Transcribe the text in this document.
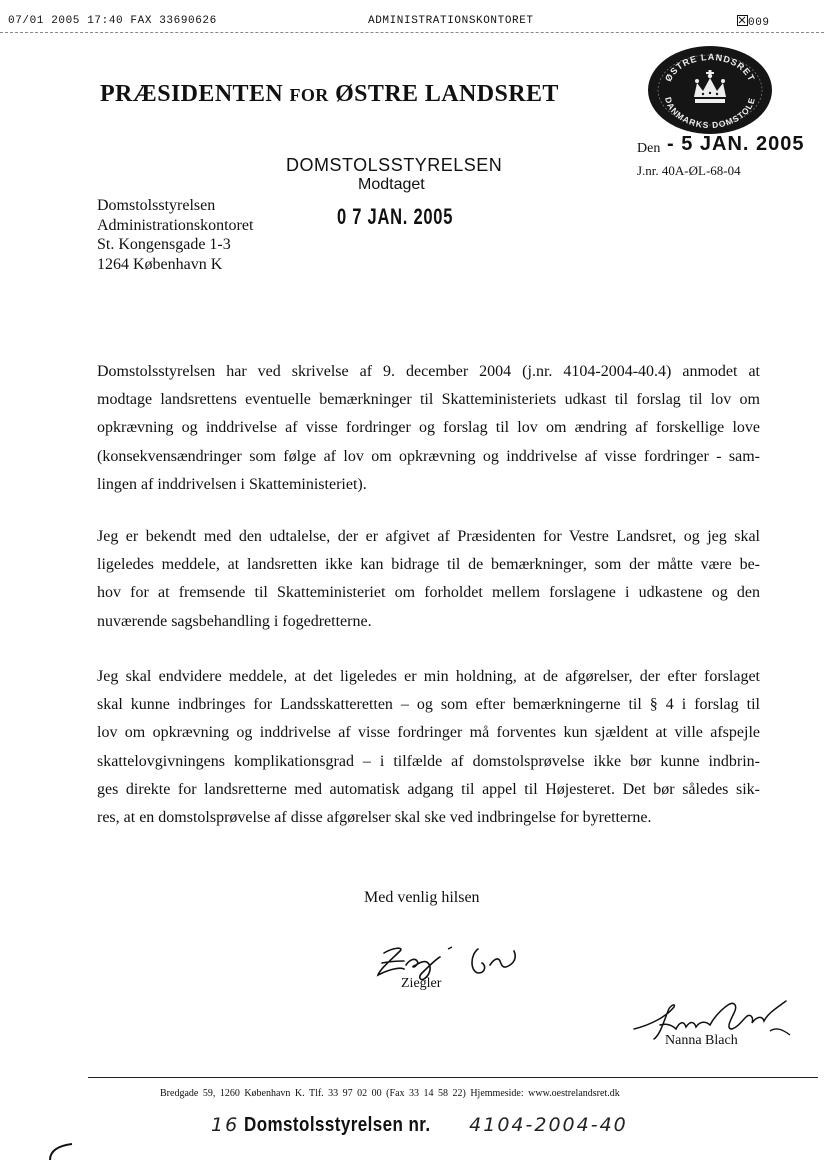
07/01 2005 17:40 FAX 33690626	ADMINISTRATIONSKONTORET	009
PRÆSIDENTEN FOR ØSTRE LANDSRET
ØSTRE LANDSRET
DANMARKS DOMSTOLE
DOMSTOLSSTYRELSEN
Modtaget
0 7 JAN. 2005
Den - 5 JAN. 2005
J.nr. 40A-ØL-68-04
Domstolsstyrelsen
Administrationskontoret
St. Kongensgade 1-3
1264 København K
Domstolsstyrelsen har ved skrivelse af 9. december 2004 (j.nr. 4104-2004-40.4) anmodet at
modtage landsrettens eventuelle bemærkninger til Skatteministeriets udkast til forslag til lov om
opkrævning og inddrivelse af visse fordringer og forslag til lov om ændring af forskellige love
(konsekvensændringer som følge af lov om opkrævning og inddrivelse af visse fordringer - sam-
lingen af inddrivelsen i Skatteministeriet).
Jeg er bekendt med den udtalelse, der er afgivet af Præsidenten for Vestre Landsret, og jeg skal
ligeledes meddele, at landsretten ikke kan bidrage til de bemærkninger, som der måtte være be-
hov for at fremsende til Skatteministeriet om forholdet mellem forslagene i udkastene og den
nuværende sagsbehandling i fogedretterne.
Jeg skal endvidere meddele, at det ligeledes er min holdning, at de afgørelser, der efter forslaget
skal kunne indbringes for Landsskatteretten – og som efter bemærkningerne til § 4 i forslag til
lov om opkrævning og inddrivelse af visse fordringer må forventes kun sjældent at ville afspejle
skattelovgivningens komplikationsgrad – i tilfælde af domstolsprøvelse ikke bør kunne indbrin-
ges direkte for landsretterne med automatisk adgang til appel til Højesteret. Det bør således sik-
res, at en domstolsprøvelse af disse afgørelser skal ske ved indbringelse for byretterne.
Med venlig hilsen
Ziegler
Nanna Blach
Bredgade 59, 1260 København K. Tlf. 33 97 02 00 (Fax 33 14 58 22) Hjemmeside: www.oestrelandsret.dk
16 Domstolsstyrelsen nr. 4104-2004-40
